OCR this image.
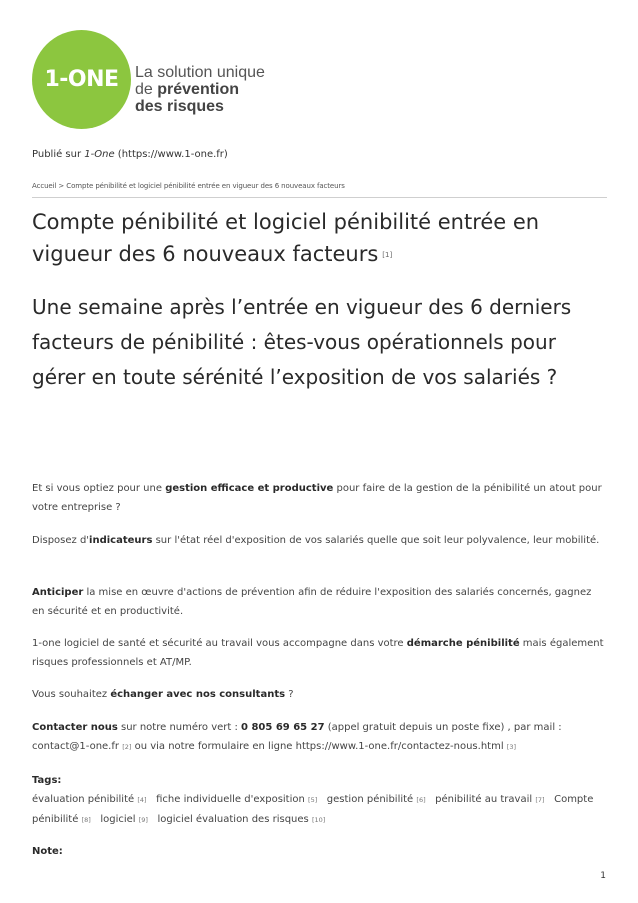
1-ONE	La solution unique
de prévention
des risques
Publié sur 1-One (https://www.1-one.fr)
Accueil > Compte pénibilité et logiciel pénibilité entrée en vigueur des 6 nouveaux facteurs
Compte pénibilité et logiciel pénibilité entrée en vigueur des 6 nouveaux facteurs [1]
Une semaine après l’entrée en vigueur des 6 derniers facteurs de pénibilité : êtes-vous opérationnels pour gérer en toute sérénité l’exposition de vos salariés ?

Et si vous optiez pour une gestion efficace et productive pour faire de la gestion de la pénibilité un atout pour votre entreprise ?

Disposez d'indicateurs sur l'état réel d'exposition de vos salariés quelle que soit leur polyvalence, leur mobilité.

Anticiper la mise en œuvre d'actions de prévention afin de réduire l'exposition des salariés concernés, gagnez en sécurité et en productivité.

1-one logiciel de santé et sécurité au travail vous accompagne dans votre démarche pénibilité mais également risques professionnels et AT/MP.

Vous souhaitez échanger avec nos consultants ?

Contacter nous sur notre numéro vert : 0 805 69 65 27 (appel gratuit depuis un poste fixe) , par mail : contact@1-one.fr [2] ou via notre formulaire en ligne https://www.1-one.fr/contactez-nous.html [3]

Tags:
évaluation pénibilité [4] fiche individuelle d'exposition [5] gestion pénibilité [6] pénibilité au travail [7] Compte pénibilité [8] logiciel [9] logiciel évaluation des risques [10]
Note:
1
